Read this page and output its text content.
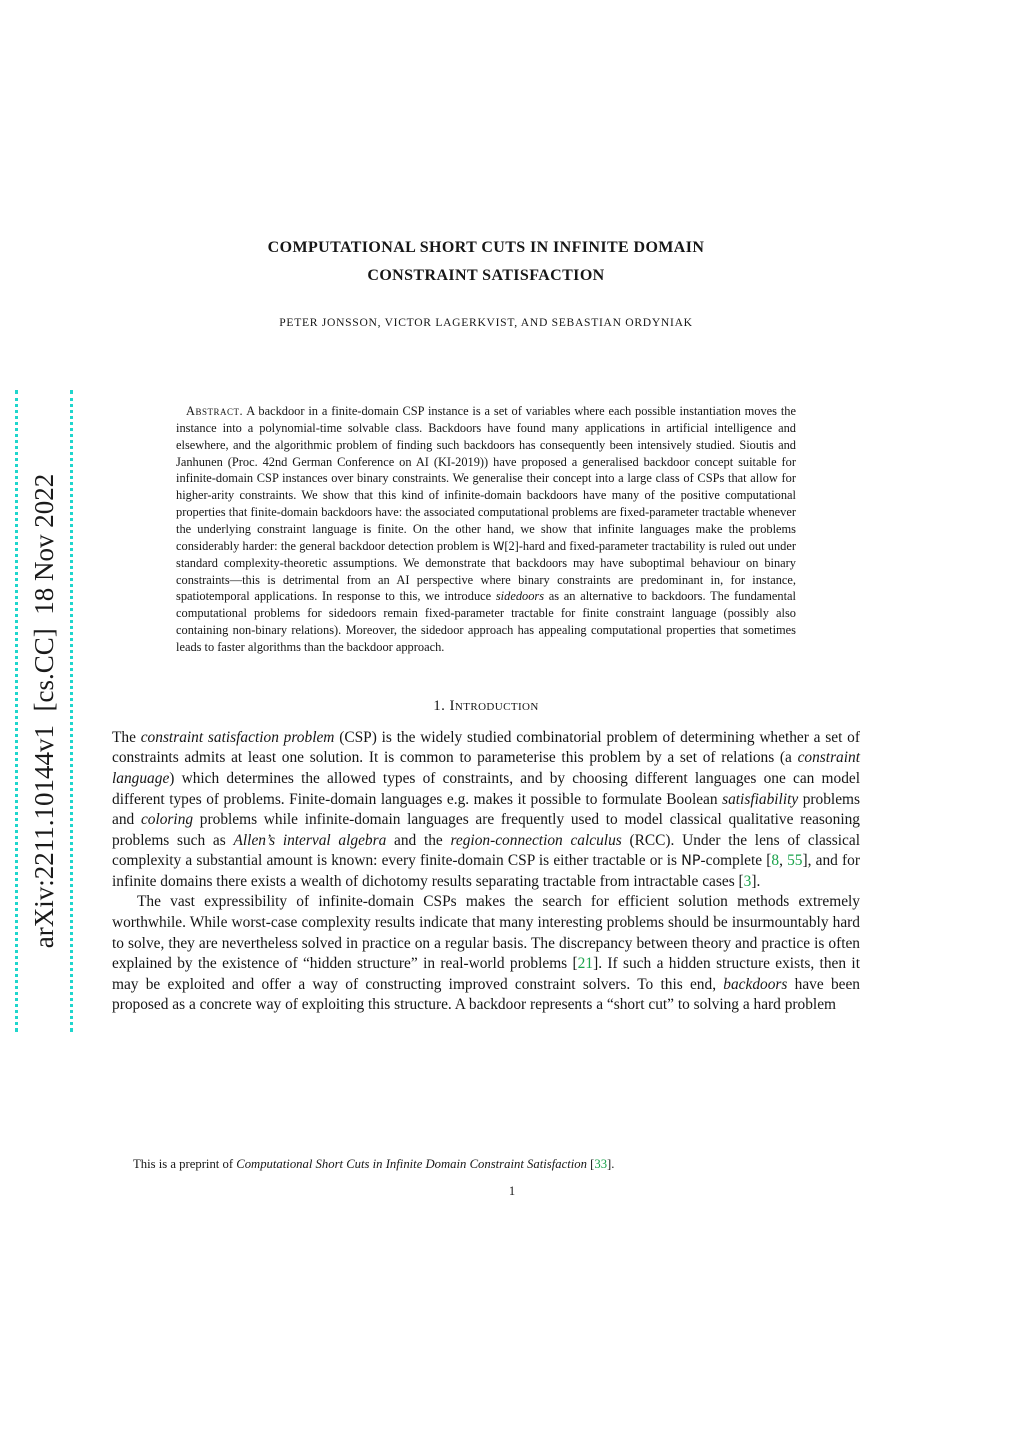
arXiv:2211.10144v1  [cs.CC]  18 Nov 2022
COMPUTATIONAL SHORT CUTS IN INFINITE DOMAIN
CONSTRAINT SATISFACTION
PETER JONSSON, VICTOR LAGERKVIST, AND SEBASTIAN ORDYNIAK

Abstract. A backdoor in a finite-domain CSP instance is a set of variables where each possible instantiation moves the instance into a polynomial-time solvable class. Backdoors have found many applications in artificial intelligence and elsewhere, and the algorithmic problem of finding such backdoors has consequently been intensively studied. Sioutis and Janhunen (Proc. 42nd German Conference on AI (KI-2019)) have proposed a generalised backdoor concept suitable for infinite-domain CSP instances over binary constraints. We generalise their concept into a large class of CSPs that allow for higher-arity constraints. We show that this kind of infinite-domain backdoors have many of the positive computational properties that finite-domain backdoors have: the associated computational problems are fixed-parameter tractable whenever the underlying constraint language is finite. On the other hand, we show that infinite languages make the problems considerably harder: the general backdoor detection problem is W[2]-hard and fixed-parameter tractability is ruled out under standard complexity-theoretic assumptions. We demonstrate that backdoors may have suboptimal behaviour on binary constraints—this is detrimental from an AI perspective where binary constraints are predominant in, for instance, spatiotemporal applications. In response to this, we introduce sidedoors as an alternative to backdoors. The fundamental computational problems for sidedoors remain fixed-parameter tractable for finite constraint language (possibly also containing non-binary relations). Moreover, the sidedoor approach has appealing computational properties that sometimes leads to faster algorithms than the backdoor approach.

1. Introduction

The constraint satisfaction problem (CSP) is the widely studied combinatorial problem of determining whether a set of constraints admits at least one solution. It is common to parameterise this problem by a set of relations (a constraint language) which determines the allowed types of constraints, and by choosing different languages one can model different types of problems. Finite-domain languages e.g. makes it possible to formulate Boolean satisfiability problems and coloring problems while infinite-domain languages are frequently used to model classical qualitative reasoning problems such as Allen’s interval algebra and the region-connection calculus (RCC). Under the lens of classical complexity a substantial amount is known: every finite-domain CSP is either tractable or is NP-complete [8, 55], and for infinite domains there exists a wealth of dichotomy results separating tractable from intractable cases [3].

The vast expressibility of infinite-domain CSPs makes the search for efficient solution methods extremely worthwhile. While worst-case complexity results indicate that many interesting problems should be insurmountably hard to solve, they are nevertheless solved in practice on a regular basis. The discrepancy between theory and practice is often explained by the existence of “hidden structure” in real-world problems [21]. If such a hidden structure exists, then it may be exploited and offer a way of constructing improved constraint solvers. To this end, backdoors have been proposed as a concrete way of exploiting this structure. A backdoor represents a “short cut” to solving a hard problem

This is a preprint of Computational Short Cuts in Infinite Domain Constraint Satisfaction [33].
1
